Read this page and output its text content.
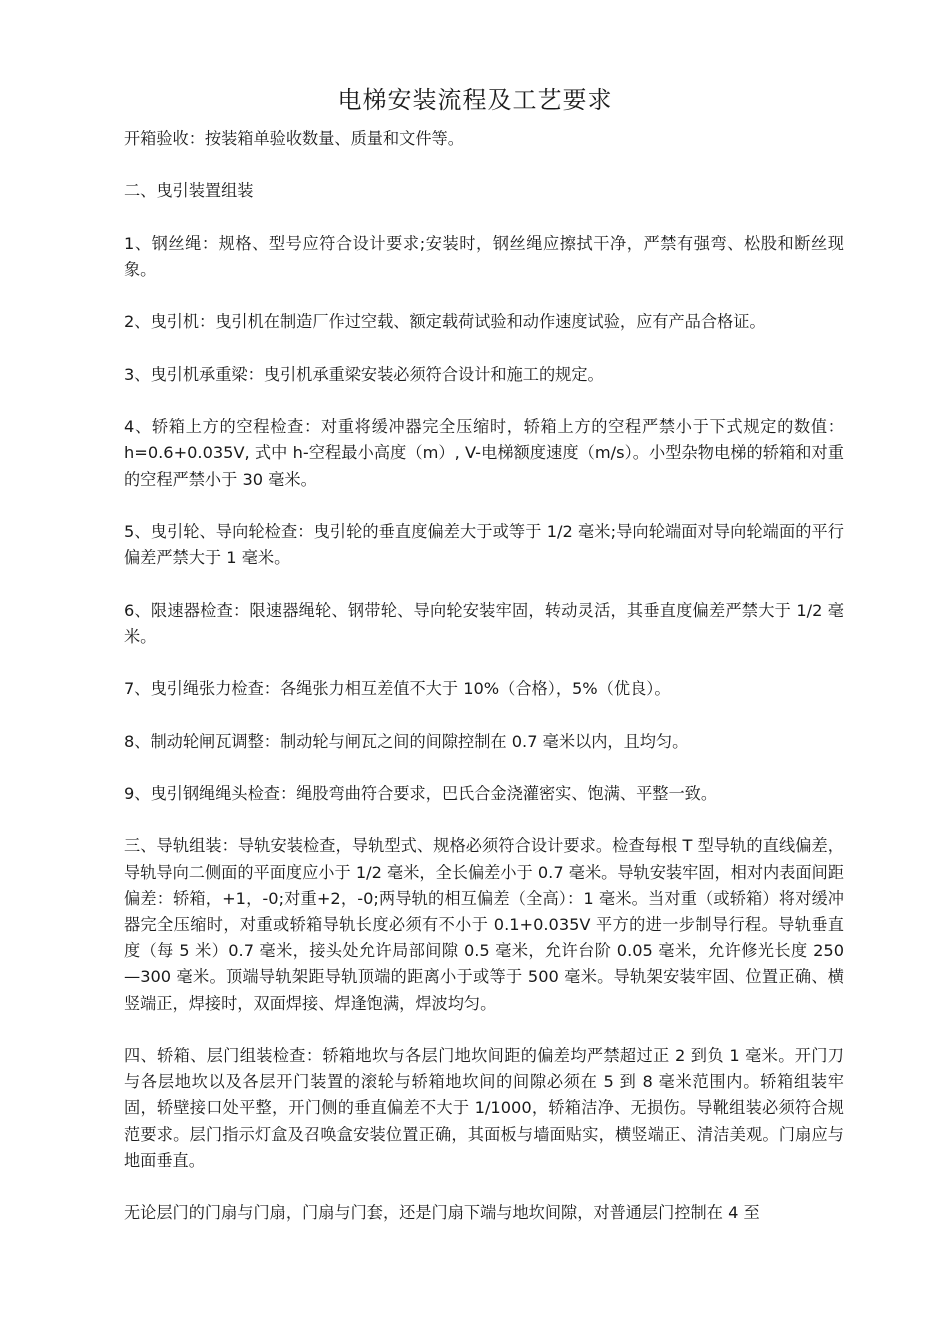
电梯安装流程及工艺要求

开箱验收：按装箱单验收数量、质量和文件等。

二、曳引装置组装

1、钢丝绳：规格、型号应符合设计要求;安装时，钢丝绳应擦拭干净，严禁有强弯、松股和断丝现象。

2、曳引机：曳引机在制造厂作过空载、额定载荷试验和动作速度试验，应有产品合格证。

3、曳引机承重梁：曳引机承重梁安装必须符合设计和施工的规定。

4、轿箱上方的空程检查：对重将缓冲器完全压缩时，轿箱上方的空程严禁小于下式规定的数值：h=0.6+0.035V, 式中 h-空程最小高度（m）, V-电梯额度速度（m/s）。小型杂物电梯的轿箱和对重的空程严禁小于 30 毫米。

5、曳引轮、导向轮检查：曳引轮的垂直度偏差大于或等于 1/2 毫米;导向轮端面对导向轮端面的平行偏差严禁大于 1 毫米。

6、限速器检查：限速器绳轮、钢带轮、导向轮安装牢固，转动灵活，其垂直度偏差严禁大于 1/2 毫米。

7、曳引绳张力检查：各绳张力相互差值不大于 10%（合格），5%（优良）。

8、制动轮闸瓦调整：制动轮与闸瓦之间的间隙控制在 0.7 毫米以内，且均匀。

9、曳引钢绳绳头检查：绳股弯曲符合要求，巴氏合金浇灌密实、饱满、平整一致。

三、导轨组装：导轨安装检查，导轨型式、规格必须符合设计要求。检查每根 T 型导轨的直线偏差，导轨导向二侧面的平面度应小于 1/2 毫米，全长偏差小于 0.7 毫米。导轨安装牢固，相对内表面间距偏差：轿箱，+1，-0;对重+2，-0;两导轨的相互偏差（全高）：1 毫米。当对重（或轿箱）将对缓冲器完全压缩时，对重或轿箱导轨长度必须有不小于 0.1+0.035V 平方的进一步制导行程。导轨垂直度（每 5 米）0.7 毫米，接头处允许局部间隙 0.5 毫米，允许台阶 0.05 毫米，允许修光长度 250—300 毫米。顶端导轨架距导轨顶端的距离小于或等于 500 毫米。导轨架安装牢固、位置正确、横竖端正，焊接时，双面焊接、焊逢饱满，焊波均匀。

四、轿箱、层门组装检查：轿箱地坎与各层门地坎间距的偏差均严禁超过正 2 到负 1 毫米。开门刀与各层地坎以及各层开门装置的滚轮与轿箱地坎间的间隙必须在 5 到 8 毫米范围内。轿箱组装牢固，轿壁接口处平整，开门侧的垂直偏差不大于 1/1000，轿箱洁净、无损伤。导靴组装必须符合规范要求。层门指示灯盒及召唤盒安装位置正确，其面板与墙面贴实，横竖端正、清洁美观。门扇应与地面垂直。

无论层门的门扇与门扇，门扇与门套，还是门扇下端与地坎间隙，对普通层门控制在 4 至
